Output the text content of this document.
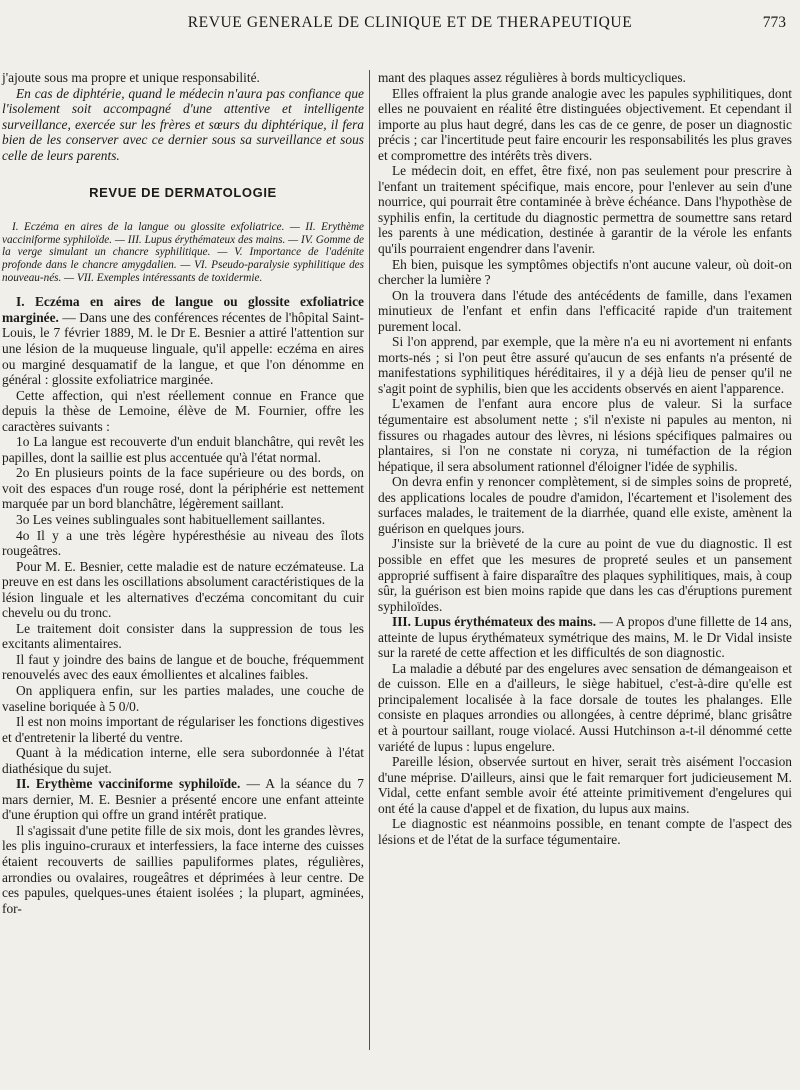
REVUE GENERALE DE CLINIQUE ET DE THERAPEUTIQUE	773

j'ajoute sous ma propre et unique responsabilité.

En cas de diphtérie, quand le médecin n'aura pas confiance que l'isolement soit accompagné d'une attentive et intelligente surveillance, exercée sur les frères et sœurs du diphtérique, il fera bien de les conserver avec ce dernier sous sa surveillance et sous celle de leurs parents.

REVUE DE DERMATOLOGIE

I. Eczéma en aires de la langue ou glossite exfoliatrice. — II. Erythème vacciniforme syphiloïde. — III. Lupus érythémateux des mains. — IV. Gomme de la verge simulant un chancre syphilitique. — V. Importance de l'adénite profonde dans le chancre amygdalien. — VI. Pseudo-paralysie syphilitique des nouveau-nés. — VII. Exemples intéressants de toxidermie.

I. Eczéma en aires de langue ou glossite exfoliatrice marginée. — Dans une des conférences récentes de l'hôpital Saint-Louis, le 7 février 1889, M. le Dr E. Besnier a attiré l'attention sur une lésion de la muqueuse linguale, qu'il appelle: eczéma en aires ou marginé desquamatif de la langue, et que l'on dénomme en général : glossite exfoliatrice marginée.

Cette affection, qui n'est réellement connue en France que depuis la thèse de Lemoine, élève de M. Fournier, offre les caractères suivants :

1o La langue est recouverte d'un enduit blanchâtre, qui revêt les papilles, dont la saillie est plus accentuée qu'à l'état normal.

2o En plusieurs points de la face supérieure ou des bords, on voit des espaces d'un rouge rosé, dont la périphérie est nettement marquée par un bord blanchâtre, légèrement saillant.

3o Les veines sublinguales sont habituellement saillantes.

4o Il y a une très légère hypéresthésie au niveau des îlots rougeâtres.

Pour M. E. Besnier, cette maladie est de nature eczémateuse. La preuve en est dans les oscillations absolument caractéristiques de la lésion linguale et les alternatives d'eczéma concomitant du cuir chevelu ou du tronc.

Le traitement doit consister dans la suppression de tous les excitants alimentaires.

Il faut y joindre des bains de langue et de bouche, fréquemment renouvelés avec des eaux émollientes et alcalines faibles.

On appliquera enfin, sur les parties malades, une couche de vaseline boriquée à 5 0/0.

Il est non moins important de régulariser les fonctions digestives et d'entretenir la liberté du ventre.

Quant à la médication interne, elle sera subordonnée à l'état diathésique du sujet.

II. Erythème vacciniforme syphiloïde. — A la séance du 7 mars dernier, M. E. Besnier a présenté encore une enfant atteinte d'une éruption qui offre un grand intérêt pratique.

Il s'agissait d'une petite fille de six mois, dont les grandes lèvres, les plis inguino-cruraux et interfessiers, la face interne des cuisses étaient recouverts de saillies papuliformes plates, régulières, arrondies ou ovalaires, rougeâtres et déprimées à leur centre. De ces papules, quelques-unes étaient isolées ; la plupart, agminées, for-

mant des plaques assez régulières à bords multicycliques.

Elles offraient la plus grande analogie avec les papules syphilitiques, dont elles ne pouvaient en réalité être distinguées objectivement. Et cependant il importe au plus haut degré, dans les cas de ce genre, de poser un diagnostic précis ; car l'incertitude peut faire encourir les responsabilités les plus graves et compromettre des intérêts très divers.

Le médecin doit, en effet, être fixé, non pas seulement pour prescrire à l'enfant un traitement spécifique, mais encore, pour l'enlever au sein d'une nourrice, qui pourrait être contaminée à brève échéance. Dans l'hypothèse de syphilis enfin, la certitude du diagnostic permettra de soumettre sans retard les parents à une médication, destinée à garantir de la vérole les enfants qu'ils pourraient engendrer dans l'avenir.

Eh bien, puisque les symptômes objectifs n'ont aucune valeur, où doit-on chercher la lumière ?

On la trouvera dans l'étude des antécédents de famille, dans l'examen minutieux de l'enfant et enfin dans l'efficacité rapide d'un traitement purement local.

Si l'on apprend, par exemple, que la mère n'a eu ni avortement ni enfants morts-nés ; si l'on peut être assuré qu'aucun de ses enfants n'a présenté de manifestations syphilitiques héréditaires, il y a déjà lieu de penser qu'il ne s'agit point de syphilis, bien que les accidents observés en aient l'apparence.

L'examen de l'enfant aura encore plus de valeur. Si la surface tégumentaire est absolument nette ; s'il n'existe ni papules au menton, ni fissures ou rhagades autour des lèvres, ni lésions spécifiques palmaires ou plantaires, si l'on ne constate ni coryza, ni tuméfaction de la région hépatique, il sera absolument rationnel d'éloigner l'idée de syphilis.

On devra enfin y renoncer complètement, si de simples soins de propreté, des applications locales de poudre d'amidon, l'écartement et l'isolement des surfaces malades, le traitement de la diarrhée, quand elle existe, amènent la guérison en quelques jours.

J'insiste sur la brièveté de la cure au point de vue du diagnostic. Il est possible en effet que les mesures de propreté seules et un pansement approprié suffisent à faire disparaître des plaques syphilitiques, mais, à coup sûr, la guérison est bien moins rapide que dans les cas d'éruptions purement syphiloïdes.

III. Lupus érythémateux des mains. — A propos d'une fillette de 14 ans, atteinte de lupus érythémateux symétrique des mains, M. le Dr Vidal insiste sur la rareté de cette affection et les difficultés de son diagnostic.

La maladie a débuté par des engelures avec sensation de démangeaison et de cuisson. Elle en a d'ailleurs, le siège habituel, c'est-à-dire qu'elle est principalement localisée à la face dorsale de toutes les phalanges. Elle consiste en plaques arrondies ou allongées, à centre déprimé, blanc grisâtre et à pourtour saillant, rouge violacé. Aussi Hutchinson a-t-il dénommé cette variété de lupus : lupus engelure.

Pareille lésion, observée surtout en hiver, serait très aisément l'occasion d'une méprise. D'ailleurs, ainsi que le fait remarquer fort judicieusement M. Vidal, cette enfant semble avoir été atteinte primitivement d'engelures qui ont été la cause d'appel et de fixation, du lupus aux mains.

Le diagnostic est néanmoins possible, en tenant compte de l'aspect des lésions et de l'état de la surface tégumentaire.
